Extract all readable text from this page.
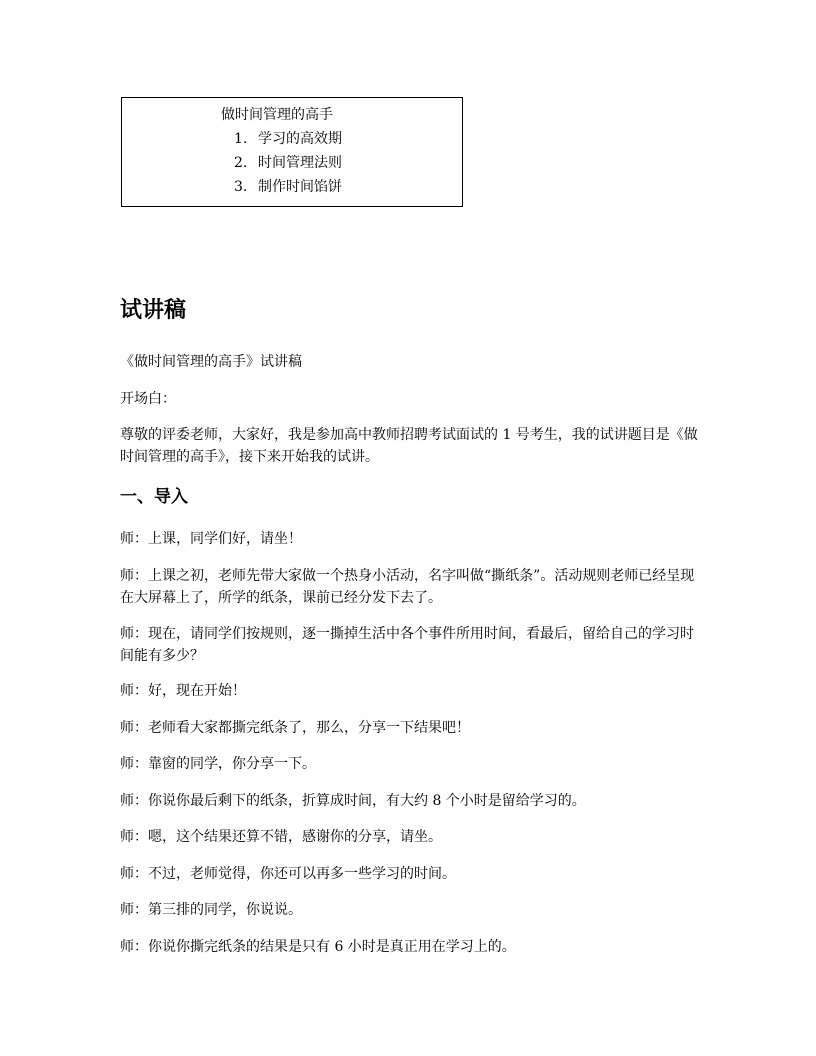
做时间管理的高手
1. 学习的高效期
2. 时间管理法则
3. 制作时间馅饼
试讲稿

《做时间管理的高手》试讲稿

开场白：

尊敬的评委老师，大家好，我是参加高中教师招聘考试面试的 1 号考生，我的试讲题目是《做时间管理的高手》，接下来开始我的试讲。

一、导入

师：上课，同学们好，请坐！

师：上课之初，老师先带大家做一个热身小活动，名字叫做“撕纸条”。活动规则老师已经呈现在大屏幕上了，所学的纸条，课前已经分发下去了。

师：现在，请同学们按规则，逐一撕掉生活中各个事件所用时间，看最后，留给自己的学习时间能有多少？

师：好，现在开始！

师：老师看大家都撕完纸条了，那么，分享一下结果吧！

师：靠窗的同学，你分享一下。

师：你说你最后剩下的纸条，折算成时间，有大约 8 个小时是留给学习的。

师：嗯，这个结果还算不错，感谢你的分享，请坐。

师：不过，老师觉得，你还可以再多一些学习的时间。

师：第三排的同学，你说说。

师：你说你撕完纸条的结果是只有 6 小时是真正用在学习上的。
